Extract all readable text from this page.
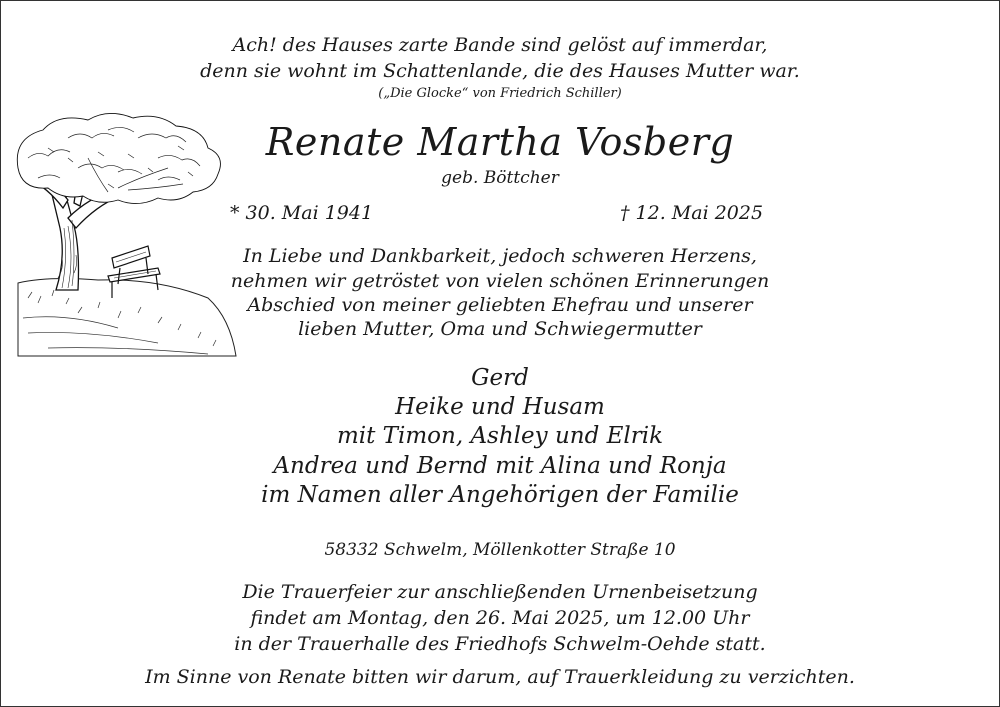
Ach! des Hauses zarte Bande sind gelöst auf immerdar,
denn sie wohnt im Schattenlande, die des Hauses Mutter war.
(„Die Glocke“ von Friedrich Schiller)
Renate Martha Vosberg
geb. Böttcher
* 30. Mai 1941	† 12. Mai 2025
In Liebe und Dankbarkeit, jedoch schweren Herzens,
nehmen wir getröstet von vielen schönen Erinnerungen
Abschied von meiner geliebten Ehefrau und unserer
lieben Mutter, Oma und Schwiegermutter
Gerd
Heike und Husam
mit Timon, Ashley und Elrik
Andrea und Bernd mit Alina und Ronja
im Namen aller Angehörigen der Familie
58332 Schwelm, Möllenkotter Straße 10
Die Trauerfeier zur anschließenden Urnenbeisetzung
findet am Montag, den 26. Mai 2025, um 12.00 Uhr
in der Trauerhalle des Friedhofs Schwelm-Oehde statt.
Im Sinne von Renate bitten wir darum, auf Trauerkleidung zu verzichten.
